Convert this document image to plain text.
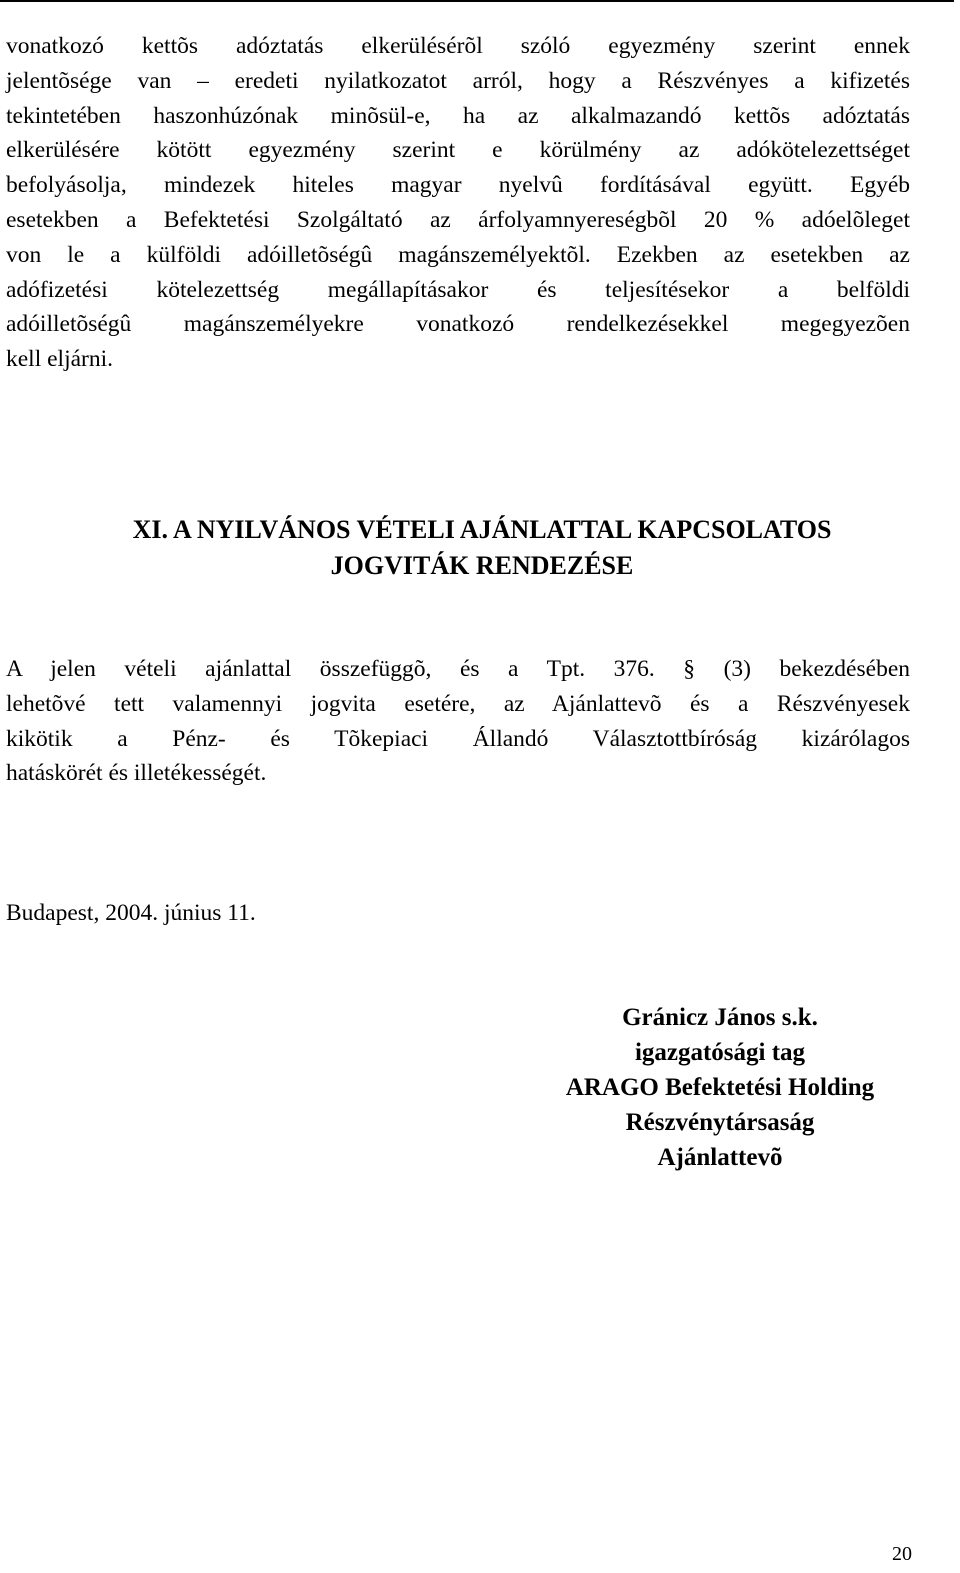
vonatkozó kettõs adóztatás elkerülésérõl szóló egyezmény szerint ennek
jelentõsége van – eredeti nyilatkozatot arról, hogy a Részvényes a kifizetés
tekintetében haszonhúzónak minõsül-e, ha az alkalmazandó kettõs adóztatás
elkerülésére kötött egyezmény szerint e körülmény az adókötelezettséget
befolyásolja, mindezek hiteles magyar nyelvû fordításával együtt. Egyéb
esetekben a Befektetési Szolgáltató az árfolyamnyereségbõl 20 % adóelõleget
von le a külföldi adóilletõségû magánszemélyektõl. Ezekben az esetekben az
adófizetési kötelezettség megállapításakor és teljesítésekor a belföldi
adóilletõségû magánszemélyekre vonatkozó rendelkezésekkel megegyezõen
kell eljárni.
XI. A NYILVÁNOS VÉTELI AJÁNLATTAL KAPCSOLATOS
JOGVITÁK RENDEZÉSE
A jelen vételi ajánlattal összefüggõ, és a Tpt. 376. § (3) bekezdésében
lehetõvé tett valamennyi jogvita esetére, az Ajánlattevõ és a Részvényesek
kikötik a Pénz- és Tõkepiaci Állandó Választottbíróság kizárólagos
hatáskörét és illetékességét.
Budapest, 2004. június 11.
Gránicz János s.k.
igazgatósági tag
ARAGO Befektetési Holding
Részvénytársaság
Ajánlattevõ
20
